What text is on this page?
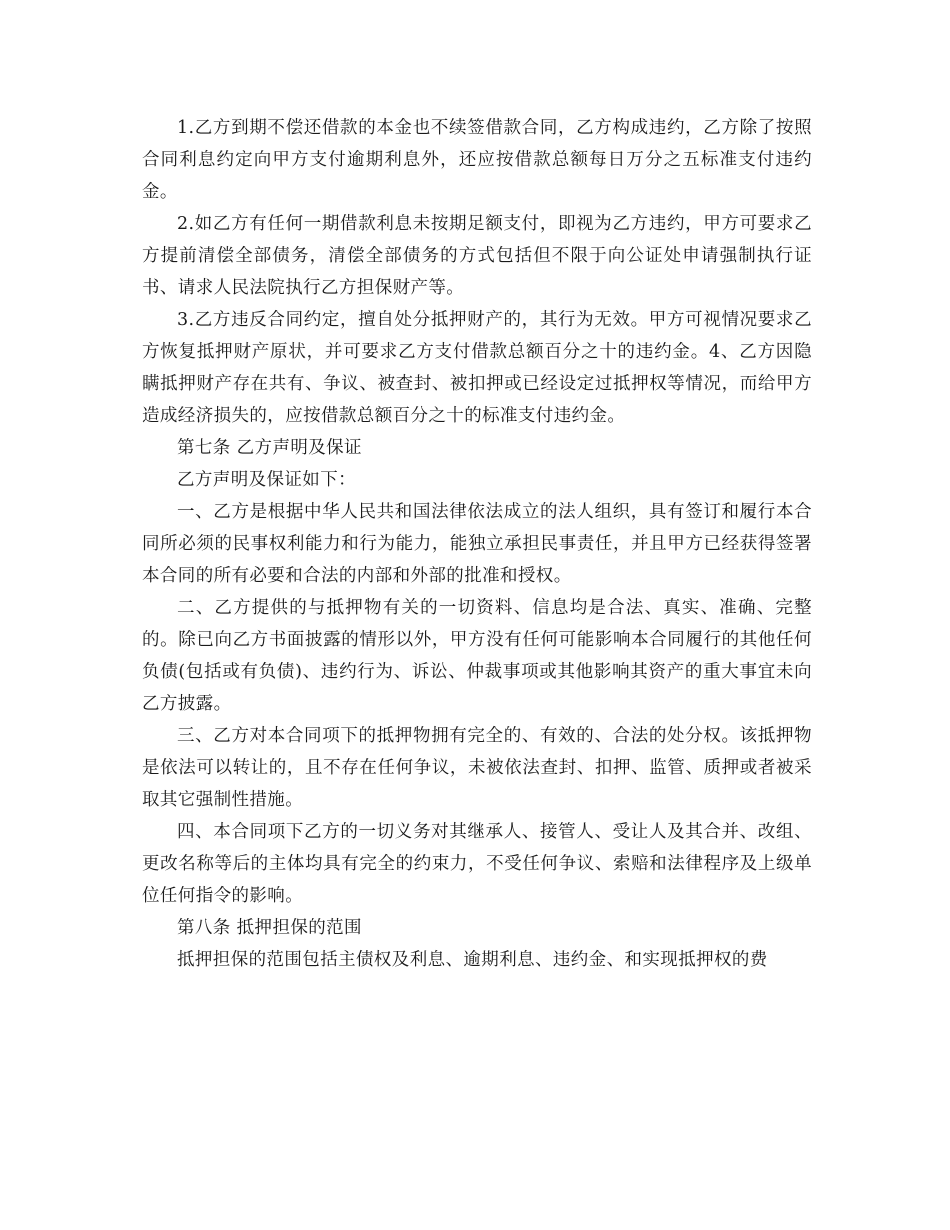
1.乙方到期不偿还借款的本金也不续签借款合同，乙方构成违约，乙方除了按照合同利息约定向甲方支付逾期利息外，还应按借款总额每日万分之五标准支付违约金。

2.如乙方有任何一期借款利息未按期足额支付，即视为乙方违约，甲方可要求乙方提前清偿全部债务，清偿全部债务的方式包括但不限于向公证处申请强制执行证书、请求人民法院执行乙方担保财产等。

3.乙方违反合同约定，擅自处分抵押财产的，其行为无效。甲方可视情况要求乙方恢复抵押财产原状，并可要求乙方支付借款总额百分之十的违约金。4、乙方因隐瞒抵押财产存在共有、争议、被查封、被扣押或已经设定过抵押权等情况，而给甲方造成经济损失的，应按借款总额百分之十的标准支付违约金。

第七条 乙方声明及保证

乙方声明及保证如下：

一、乙方是根据中华人民共和国法律依法成立的法人组织，具有签订和履行本合同所必须的民事权利能力和行为能力，能独立承担民事责任，并且甲方已经获得签署本合同的所有必要和合法的内部和外部的批准和授权。

二、乙方提供的与抵押物有关的一切资料、信息均是合法、真实、准确、完整的。除已向乙方书面披露的情形以外，甲方没有任何可能影响本合同履行的其他任何负债(包括或有负债)、违约行为、诉讼、仲裁事项或其他影响其资产的重大事宜未向乙方披露。

三、乙方对本合同项下的抵押物拥有完全的、有效的、合法的处分权。该抵押物是依法可以转让的，且不存在任何争议，未被依法查封、扣押、监管、质押或者被采取其它强制性措施。

四、本合同项下乙方的一切义务对其继承人、接管人、受让人及其合并、改组、更改名称等后的主体均具有完全的约束力，不受任何争议、索赔和法律程序及上级单位任何指令的影响。

第八条 抵押担保的范围

抵押担保的范围包括主债权及利息、逾期利息、违约金、和实现抵押权的费
